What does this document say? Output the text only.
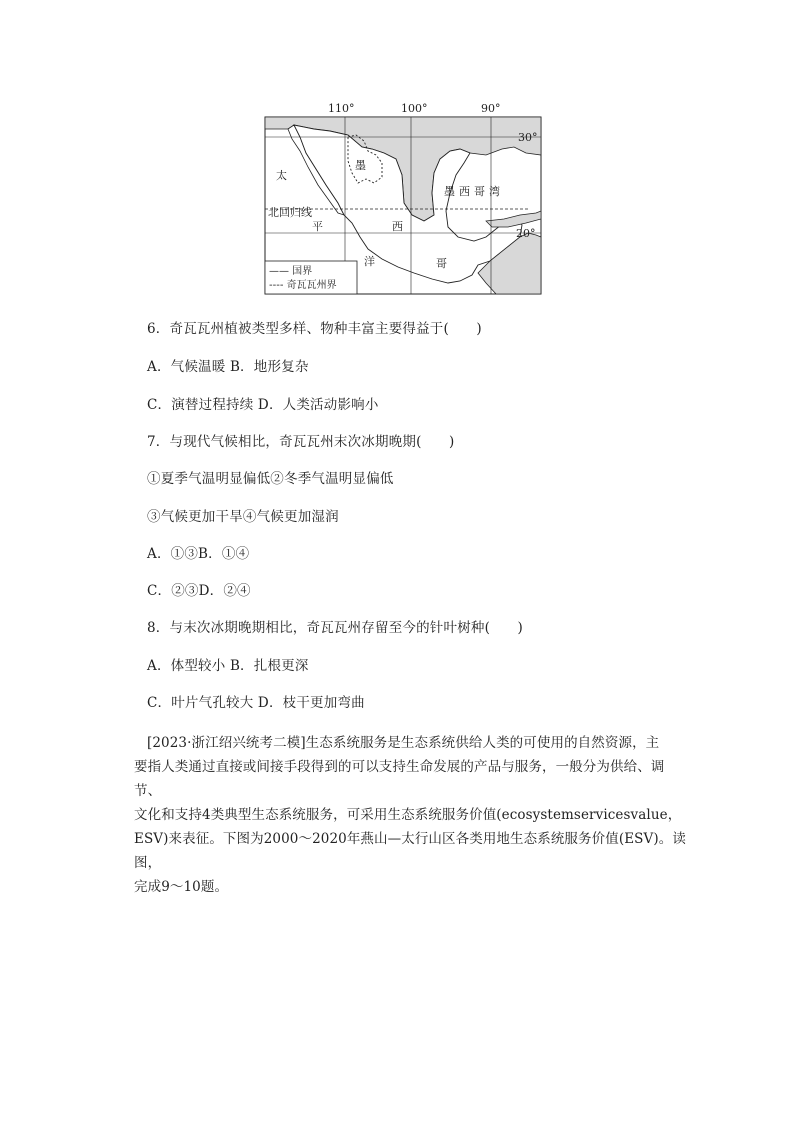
110°	100°	90°
30°
20°
太
平
洋
墨
西
哥
墨西哥湾
北回归线
—— 国界
---- 奇瓦瓦州界
6．奇瓦瓦州植被类型多样、物种丰富主要得益于(　　)
A．气候温暖 B．地形复杂
C．演替过程持续 D．人类活动影响小
7．与现代气候相比，奇瓦瓦州末次冰期晚期(　　)
①夏季气温明显偏低②冬季气温明显偏低
③气候更加干旱④气候更加湿润
A．①③B．①④
C．②③D．②④
8．与末次冰期晚期相比，奇瓦瓦州存留至今的针叶树种(　　)
A．体型较小 B．扎根更深
C．叶片气孔较大 D．枝干更加弯曲

[2023·浙江绍兴统考二模]生态系统服务是生态系统供给人类的可使用的自然资源，主

要指人类通过直接或间接手段得到的可以支持生命发展的产品与服务，一般分为供给、调节、

文化和支持4类典型生态系统服务，可采用生态系统服务价值(ecosystemservicesvalue，

ESV)来表征。下图为2000～2020年燕山—太行山区各类用地生态系统服务价值(ESV)。读图，

完成9～10题。
